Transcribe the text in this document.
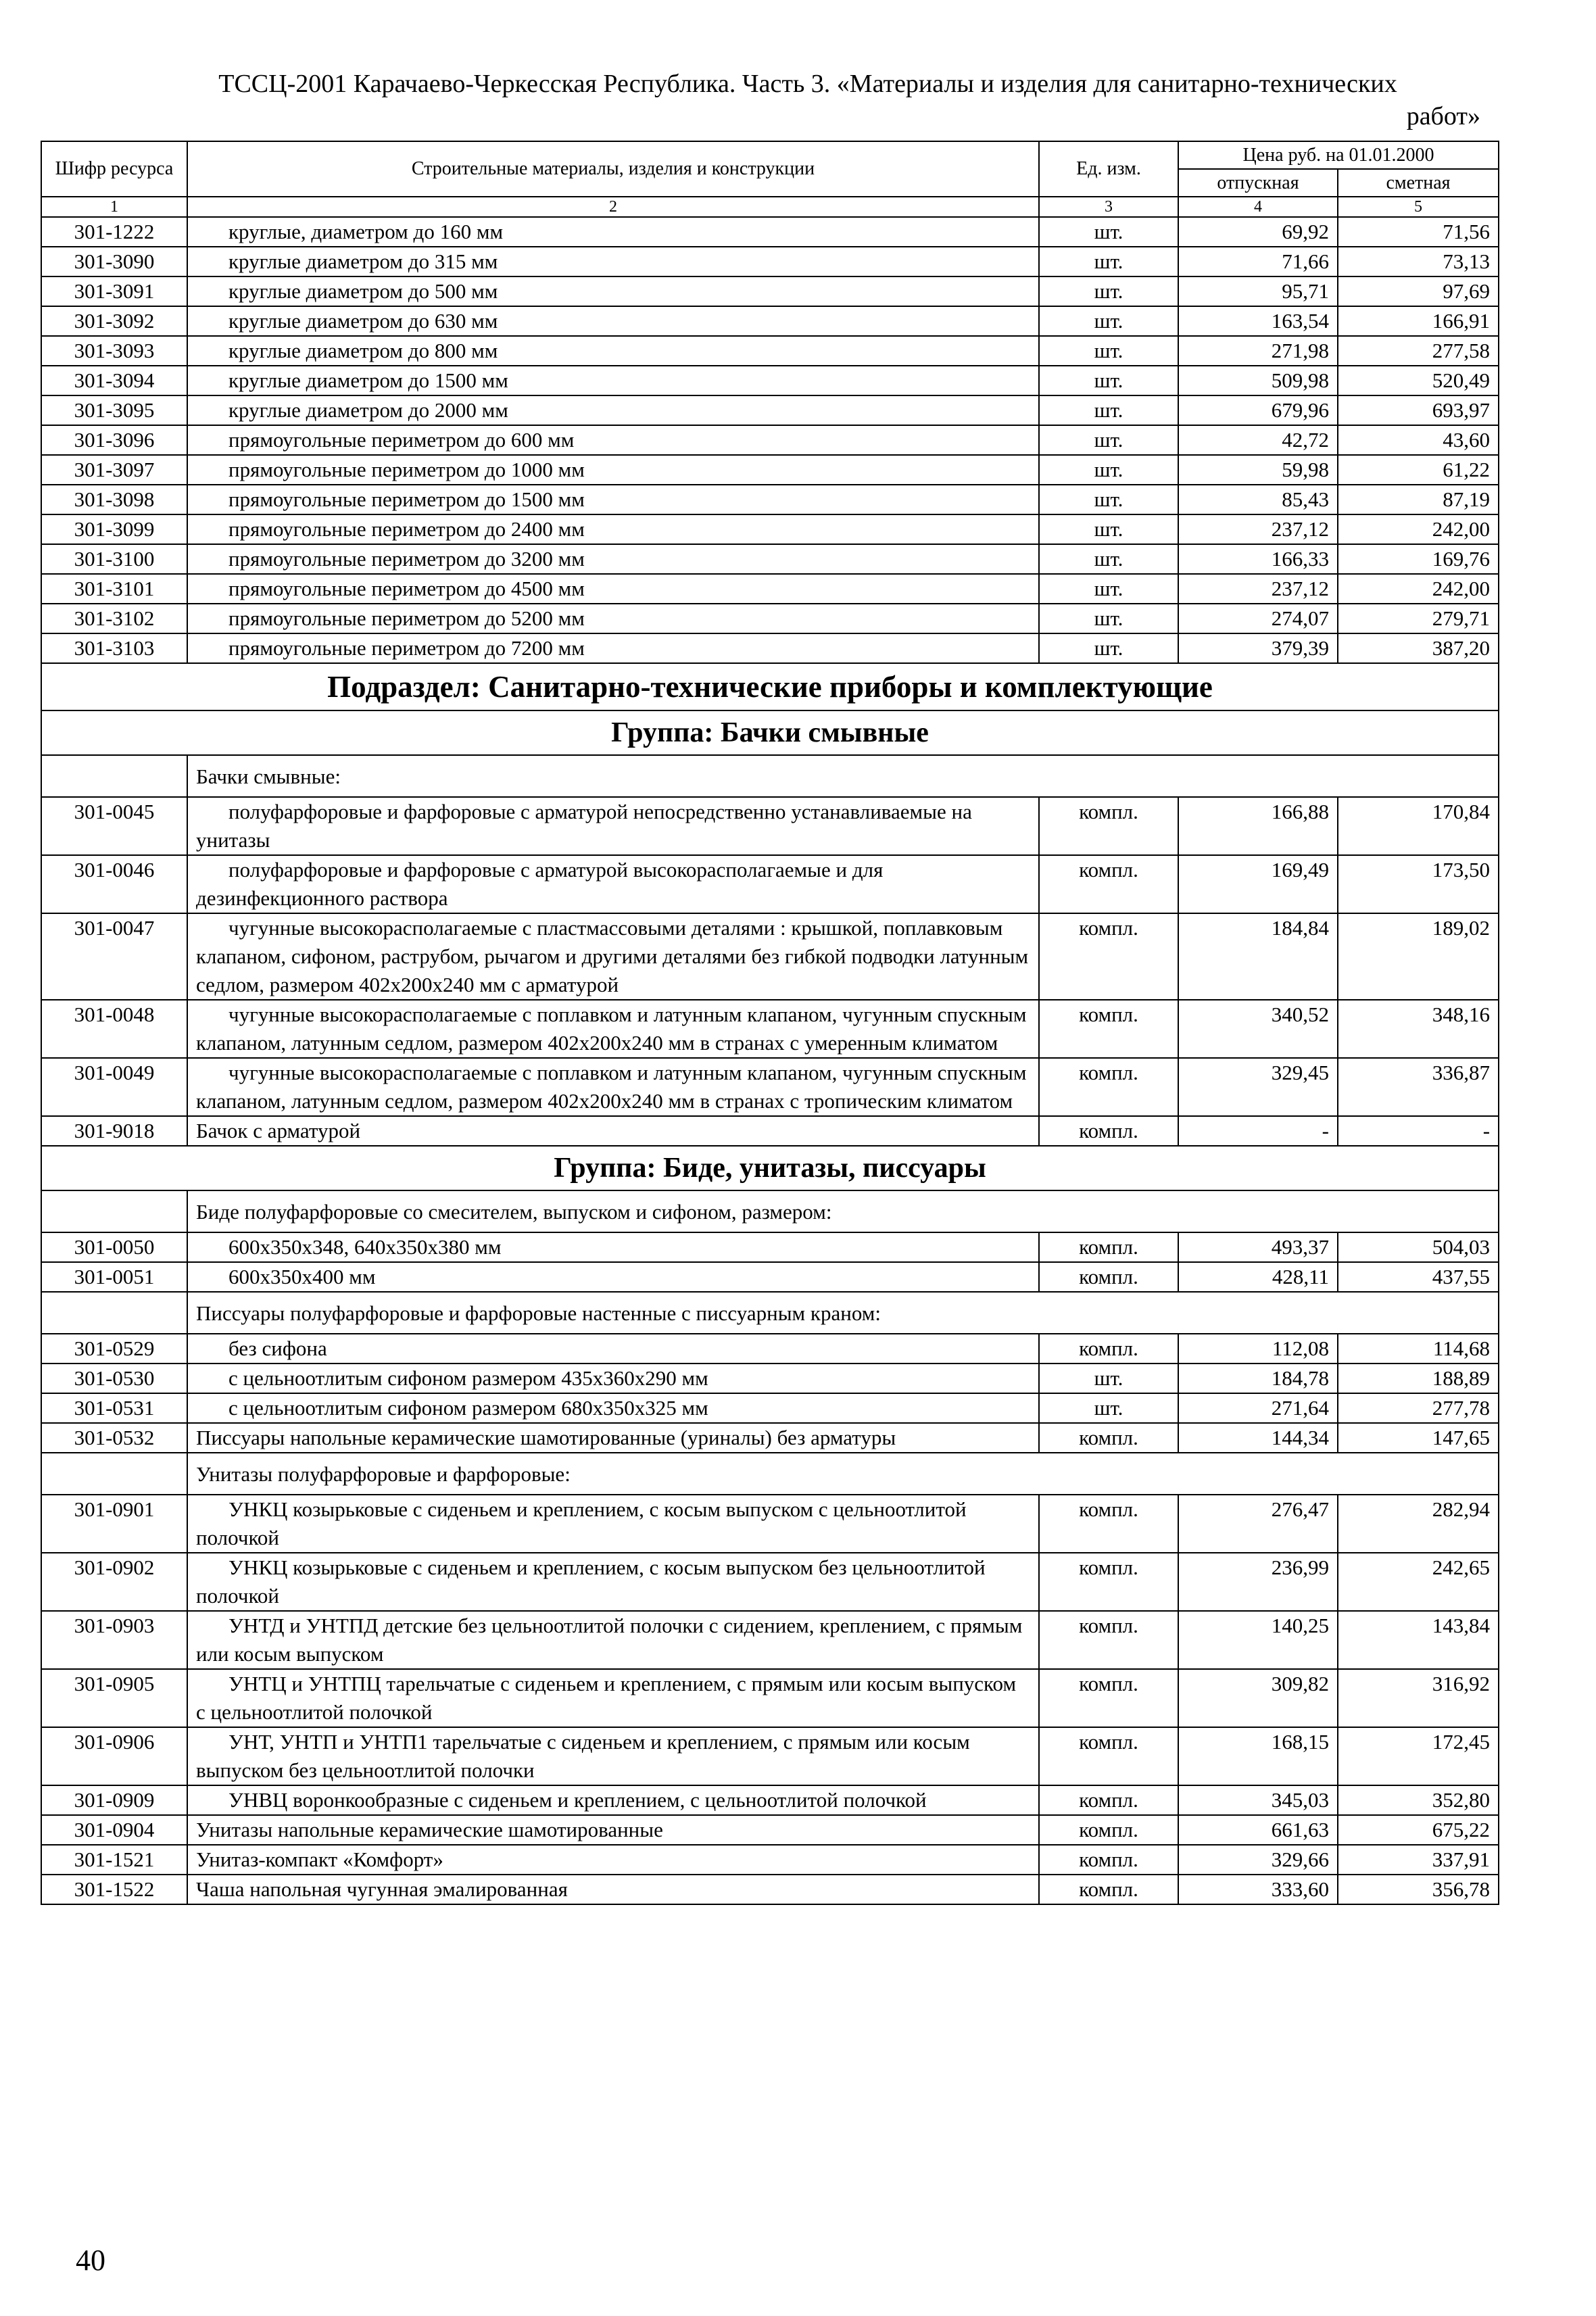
ТССЦ-2001 Карачаево-Черкесская Республика. Часть 3. «Материалы и изделия для санитарно-технических
работ»
Шифр ресурса	Строительные материалы, изделия и конструкции	Ед. изм.	Цена руб. на 01.01.2000	
			отпускная	сметная
1	2	3	4	5
301-1222	круглые, диаметром до 160 мм	шт.	69,92	71,56
301-3090	круглые диаметром до 315 мм	шт.	71,66	73,13
301-3091	круглые диаметром до 500 мм	шт.	95,71	97,69
301-3092	круглые диаметром до 630 мм	шт.	163,54	166,91
301-3093	круглые диаметром до 800 мм	шт.	271,98	277,58
301-3094	круглые диаметром до 1500 мм	шт.	509,98	520,49
301-3095	круглые диаметром до 2000 мм	шт.	679,96	693,97
301-3096	прямоугольные периметром до 600 мм	шт.	42,72	43,60
301-3097	прямоугольные периметром до 1000 мм	шт.	59,98	61,22
301-3098	прямоугольные периметром до 1500 мм	шт.	85,43	87,19
301-3099	прямоугольные периметром до 2400 мм	шт.	237,12	242,00
301-3100	прямоугольные периметром до 3200 мм	шт.	166,33	169,76
301-3101	прямоугольные периметром до 4500 мм	шт.	237,12	242,00
301-3102	прямоугольные периметром до 5200 мм	шт.	274,07	279,71
301-3103	прямоугольные периметром до 7200 мм	шт.	379,39	387,20
Подраздел: Санитарно-технические приборы и комплектующие				
Группа: Бачки смывные				
	Бачки смывные:			
301-0045	полуфарфоровые и фарфоровые с арматурой непосредственно устанавливаемые на унитазы	компл.	166,88	170,84
301-0046	полуфарфоровые и фарфоровые с арматурой высокорасполагаемые и для дезинфекционного раствора	компл.	169,49	173,50
301-0047	чугунные высокорасполагаемые с пластмассовыми деталями : крышкой, поплавковым клапаном, сифоном, раструбом, рычагом и другими деталями без гибкой подводки латунным седлом, размером 402x200x240 мм с арматурой	компл.	184,84	189,02
301-0048	чугунные высокорасполагаемые с поплавком и латунным клапаном, чугунным спускным клапаном, латунным седлом, размером 402x200x240 мм в странах с умеренным климатом	компл.	340,52	348,16
301-0049	чугунные высокорасполагаемые с поплавком и латунным клапаном, чугунным спускным клапаном, латунным седлом, размером 402x200x240 мм в странах с тропическим климатом	компл.	329,45	336,87
301-9018	Бачок с арматурой	компл.	-	-
Группа: Биде, унитазы, писсуары				
	Биде полуфарфоровые со смесителем, выпуском и сифоном, размером:			
301-0050	600x350x348, 640x350x380 мм	компл.	493,37	504,03
301-0051	600x350x400 мм	компл.	428,11	437,55
	Писсуары полуфарфоровые и фарфоровые настенные с писсуарным краном:			
301-0529	без сифона	компл.	112,08	114,68
301-0530	с цельноотлитым сифоном размером 435x360x290 мм	шт.	184,78	188,89
301-0531	с цельноотлитым сифоном размером 680x350x325 мм	шт.	271,64	277,78
301-0532	Писсуары напольные керамические шамотированные (уриналы) без арматуры	компл.	144,34	147,65
	Унитазы полуфарфоровые и фарфоровые:			
301-0901	УНКЦ козырьковые с сиденьем и креплением, с косым выпуском с цельноотлитой полочкой	компл.	276,47	282,94
301-0902	УНКЦ козырьковые с сиденьем и креплением, с косым выпуском без цельноотлитой полочкой	компл.	236,99	242,65
301-0903	УНТД и УНТПД детские без цельноотлитой полочки с сидением, креплением, с прямым или косым выпуском	компл.	140,25	143,84
301-0905	УНТЦ и УНТПЦ тарельчатые с сиденьем и креплением, с прямым или косым выпуском с цельноотлитой полочкой	компл.	309,82	316,92
301-0906	УНТ, УНТП и УНТП1 тарельчатые с сиденьем и креплением, с прямым или косым выпуском без цельноотлитой полочки	компл.	168,15	172,45
301-0909	УНВЦ воронкообразные с сиденьем и креплением, с цельноотлитой полочкой	компл.	345,03	352,80
301-0904	Унитазы напольные керамические шамотированные	компл.	661,63	675,22
301-1521	Унитаз-компакт «Комфорт»	компл.	329,66	337,91
301-1522	Чаша напольная чугунная эмалированная	компл.	333,60	356,78
40
